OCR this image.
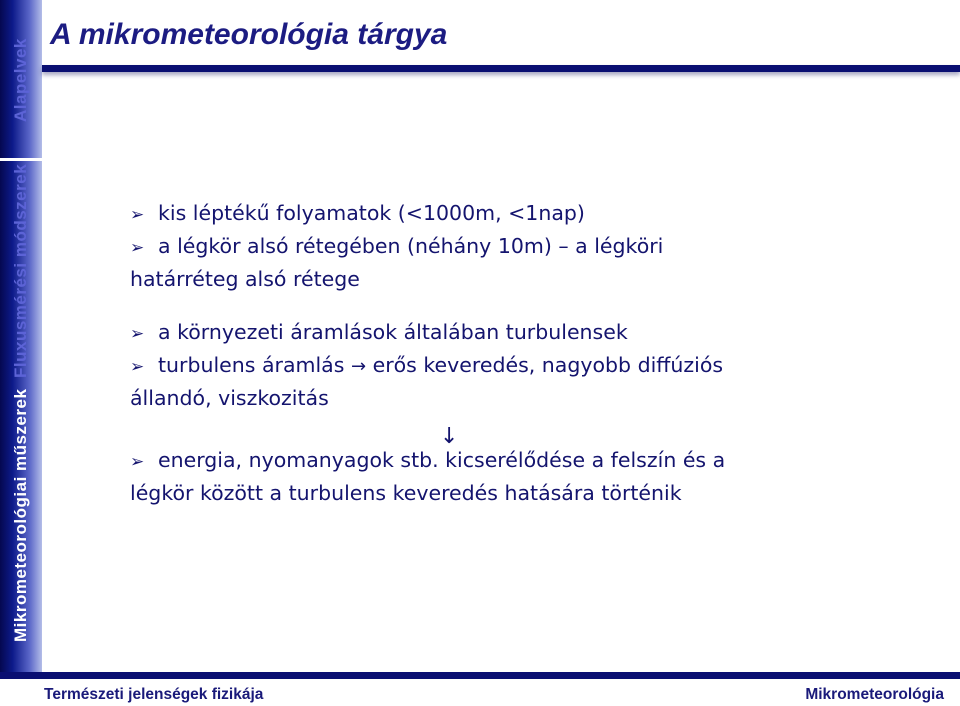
Alapelvek
Mikrometeorológiai műszerek

Fluxusmérési módszerek
A mikrometeorológia tárgya

➢ kis léptékű folyamatok (<1000m, <1nap)

➢ a légkör alsó rétegében (néhány 10m) – a légköri
határréteg alsó rétege

➢ a környezeti áramlások általában turbulensek

➢ turbulens áramlás → erős keveredés, nagyobb diffúziós
állandó, viszkozitás

↓

➢ energia, nyomanyagok stb. kicserélődése a felszín és a
légkör között a turbulens keveredés hatására történik

Természeti jelenségek fizikája	Mikrometeorológia
